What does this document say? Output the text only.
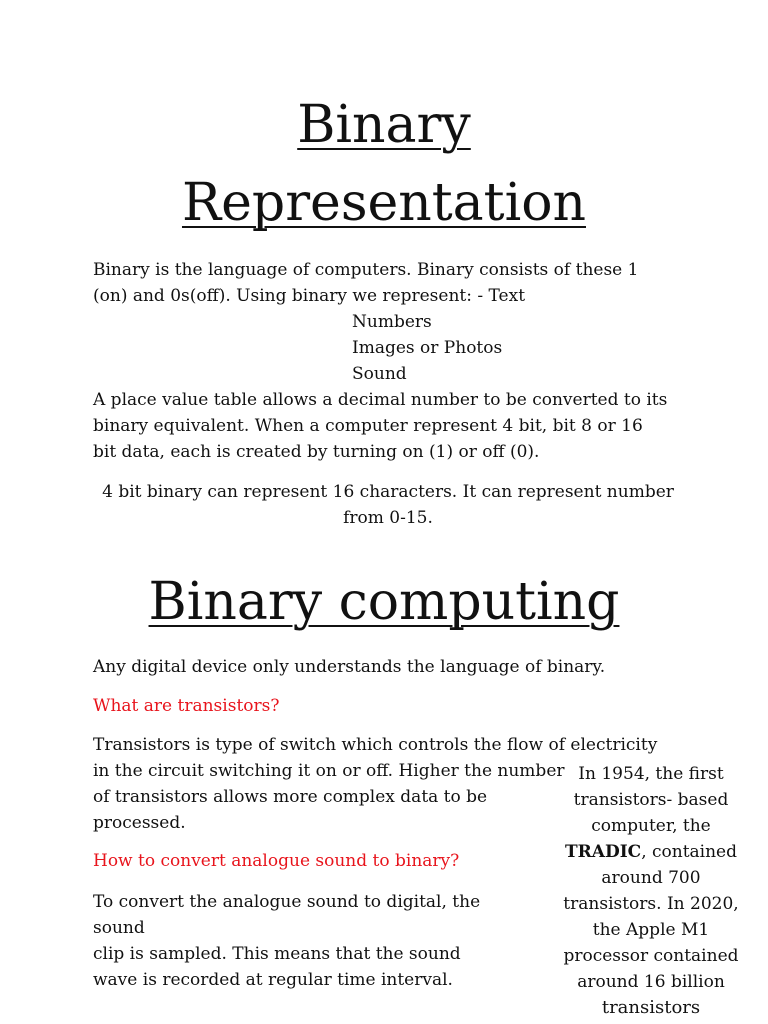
Binary
Representation
Binary is the language of computers. Binary consists of these 1
(on) and 0s(off). Using binary we represent: - Text
Numbers
Images or Photos
Sound
A place value table allows a decimal number to be converted to its
binary equivalent. When a computer represent 4 bit, bit 8 or 16
bit data, each is created by turning on (1) or off (0).
4 bit binary can represent 16 characters. It can represent number
from 0-15.
Binary computing
Any digital device only understands the language of binary.
What are transistors?
Transistors is type of switch which controls the flow of electricity
in the circuit switching it on or off. Higher the number
of transistors allows more complex data to be
processed.
How to convert analogue sound to binary?
To convert the analogue sound to digital, the
sound
clip is sampled. This means that the sound
wave is recorded at regular time interval.
In 1954, the first
transistors- based
computer, the
TRADIC, contained
around 700
transistors. In 2020,
the Apple M1
processor contained
around 16 billion
transistors
